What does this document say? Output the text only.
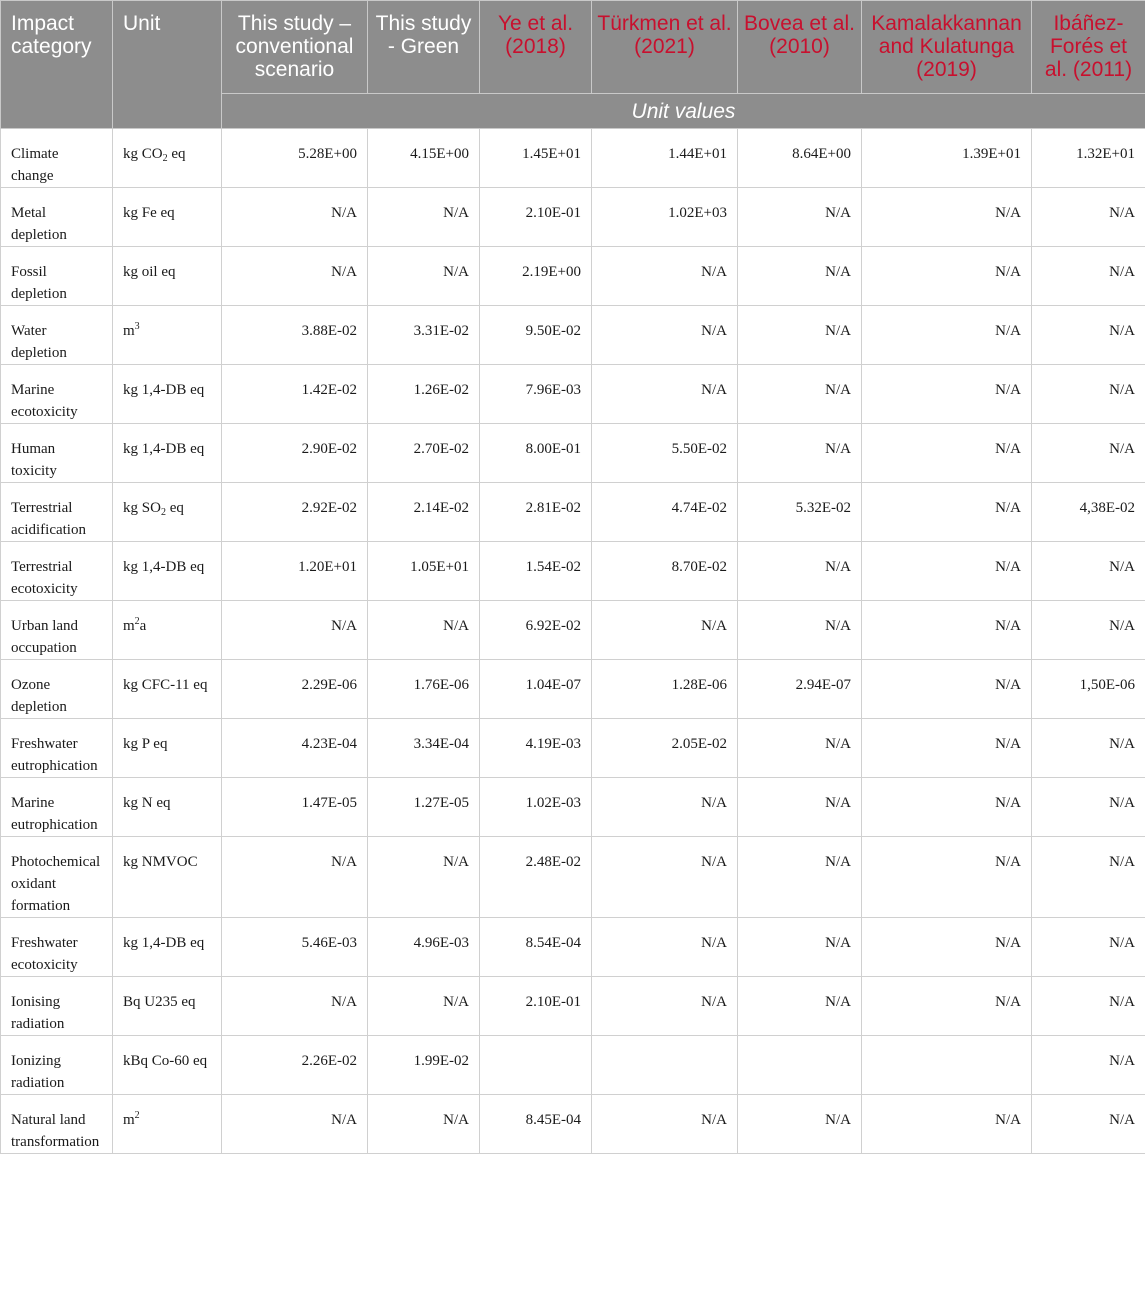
Impact category	Unit	This study – conventional scenario	This study - Green	Ye et al. (2018)	Türkmen et al. (2021)	Bovea et al. (2010)	Kamalakkannan and Kulatunga (2019)	Ibáñez-Forés et al. (2011)
		Unit values						
Climate change	kg $CO_2$ eq	5.28E+00	4.15E+00	1.45E+01	1.44E+01	8.64E+00	1.39E+01	1.32E+01
Metal depletion	kg Fe eq	N/A	N/A	2.10E-01	1.02E+03	N/A	N/A	N/A
Fossil depletion	kg oil eq	N/A	N/A	2.19E+00	N/A	N/A	N/A	N/A
Water depletion	$m^3$	3.88E-02	3.31E-02	9.50E-02	N/A	N/A	N/A	N/A
Marine ecotoxicity	kg 1,4-DB eq	1.42E-02	1.26E-02	7.96E-03	N/A	N/A	N/A	N/A
Human toxicity	kg 1,4-DB eq	2.90E-02	2.70E-02	8.00E-01	5.50E-02	N/A	N/A	N/A
Terrestrial acidification	kg $SO_2$ eq	2.92E-02	2.14E-02	2.81E-02	4.74E-02	5.32E-02	N/A	4,38E-02
Terrestrial ecotoxicity	kg 1,4-DB eq	1.20E+01	1.05E+01	1.54E-02	8.70E-02	N/A	N/A	N/A
Urban land occupation	$m^2a$	N/A	N/A	6.92E-02	N/A	N/A	N/A	N/A
Ozone depletion	kg CFC-11 eq	2.29E-06	1.76E-06	1.04E-07	1.28E-06	2.94E-07	N/A	1,50E-06
Freshwater eutrophication	kg P eq	4.23E-04	3.34E-04	4.19E-03	2.05E-02	N/A	N/A	N/A
Marine eutrophication	kg N eq	1.47E-05	1.27E-05	1.02E-03	N/A	N/A	N/A	N/A
Photochemical oxidant formation	kg NMVOC	N/A	N/A	2.48E-02	N/A	N/A	N/A	N/A
Freshwater ecotoxicity	kg 1,4-DB eq	5.46E-03	4.96E-03	8.54E-04	N/A	N/A	N/A	N/A
Ionising radiation	Bq U235 eq	N/A	N/A	2.10E-01	N/A	N/A	N/A	N/A
Ionizing radiation	kBq Co-60 eq	2.26E-02	1.99E-02					N/A
Natural land transformation	$m^2$	N/A	N/A	8.45E-04	N/A	N/A	N/A	N/A
